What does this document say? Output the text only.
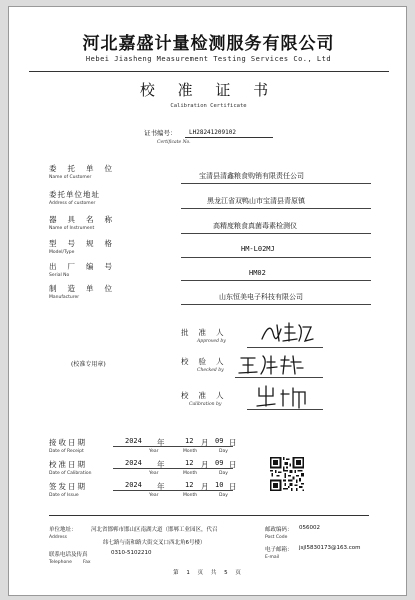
河北嘉盛计量检测服务有限公司
Hebei Jiasheng Measurement Testing Services Co., Ltd
校 准 证 书
Calibration Certificate
证书编号：
Certificate No.
LH28241209102
委托单位
Name of Customer	宝清县清鑫粮食购销有限责任公司
委托单位地址
Address of customer	黑龙江省双鸭山市宝清县青原镇
器具名称
Name of Instrument	高精度粮食真菌毒素检测仪
型号规格
Model/Type	HM-L02MJ
出厂编号
Serial No	HM02
制造单位
Manufacturer	山东恒美电子科技有限公司
批准人
Approved by
(校准专用章)	校验人
Checked by
校准人
Calibration by
接收日期
Date of Receipt
2024 年	12 月 09 日
Year	Month	Day
校准日期
Date of Calibration
2024 年	12 月 09 日
Year	Month	Day
签发日期
Date of Issue
2024 年	12 月 10 日
Year	Month	Day
单位地址：
Address
河北省邯郸市邯山区南湖大道（邯郸工业园区，代召
纬七路与南和路大街交叉口西北角6号楼）
联系电话及传真	0310-5102210
Telephone Fax
邮政编码：
Post Code
056002
电子邮箱：
E-mail
jsjl5830173@163.com
第 1 页 共 5 页
